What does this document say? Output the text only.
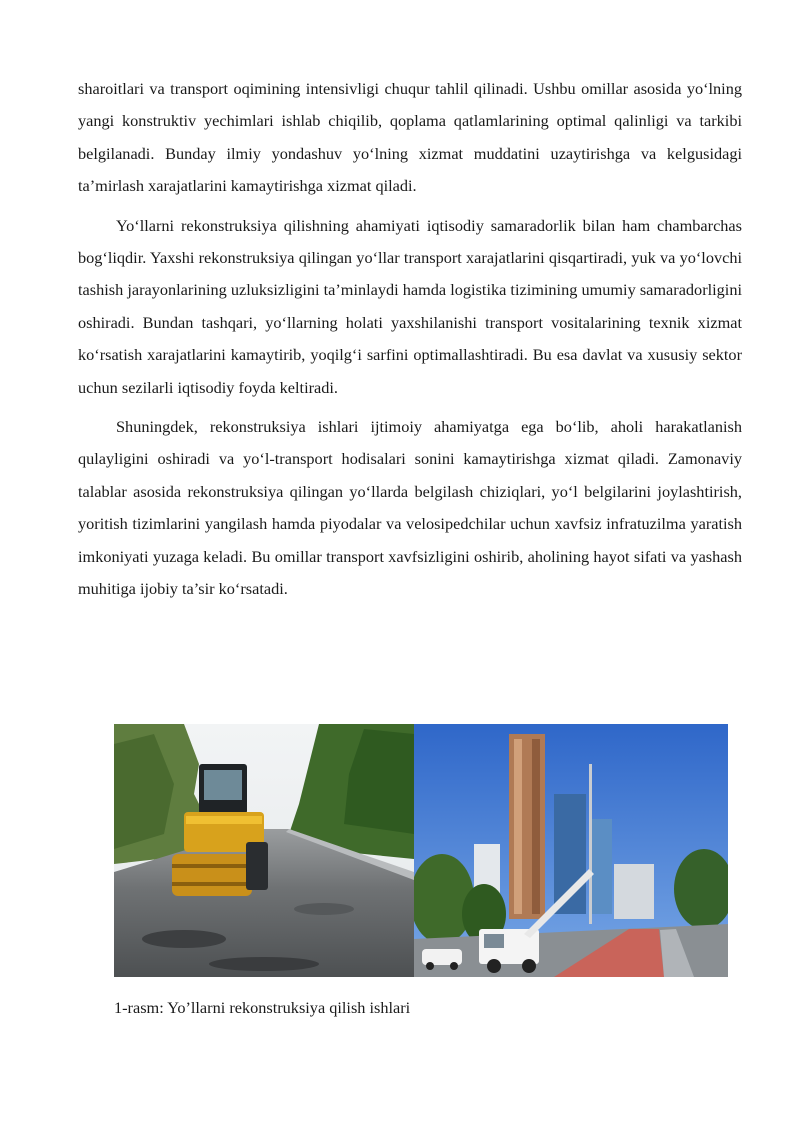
sharoitlari va transport oqimining intensivligi chuqur tahlil qilinadi. Ushbu omillar asosida yo‘lning yangi konstruktiv yechimlari ishlab chiqilib, qoplama qatlamlarining optimal qalinligi va tarkibi belgilanadi. Bunday ilmiy yondashuv yo‘lning xizmat muddatini uzaytirishga va kelgusidagi ta’mirlash xarajatlarini kamaytirishga xizmat qiladi.

Yo‘llarni rekonstruksiya qilishning ahamiyati iqtisodiy samaradorlik bilan ham chambarchas bog‘liqdir. Yaxshi rekonstruksiya qilingan yo‘llar transport xarajatlarini qisqartiradi, yuk va yo‘lovchi tashish jarayonlarining uzluksizligini ta’minlaydi hamda logistika tizimining umumiy samaradorligini oshiradi. Bundan tashqari, yo‘llarning holati yaxshilanishi transport vositalarining texnik xizmat ko‘rsatish xarajatlarini kamaytirib, yoqilg‘i sarfini optimallashtiradi. Bu esa davlat va xususiy sektor uchun sezilarli iqtisodiy foyda keltiradi.

Shuningdek, rekonstruksiya ishlari ijtimoiy ahamiyatga ega bo‘lib, aholi harakatlanish qulayligini oshiradi va yo‘l-transport hodisalari sonini kamaytirishga xizmat qiladi. Zamonaviy talablar asosida rekonstruksiya qilingan yo‘llarda belgilash chiziqlari, yo‘l belgilarini joylashtirish, yoritish tizimlarini yangilash hamda piyodalar va velosipedchilar uchun xavfsiz infratuzilma yaratish imkoniyati yuzaga keladi. Bu omillar transport xavfsizligini oshirib, aholining hayot sifati va yashash muhitiga ijobiy ta’sir ko‘rsatadi.

1-rasm: Yo’llarni rekonstruksiya qilish ishlari
